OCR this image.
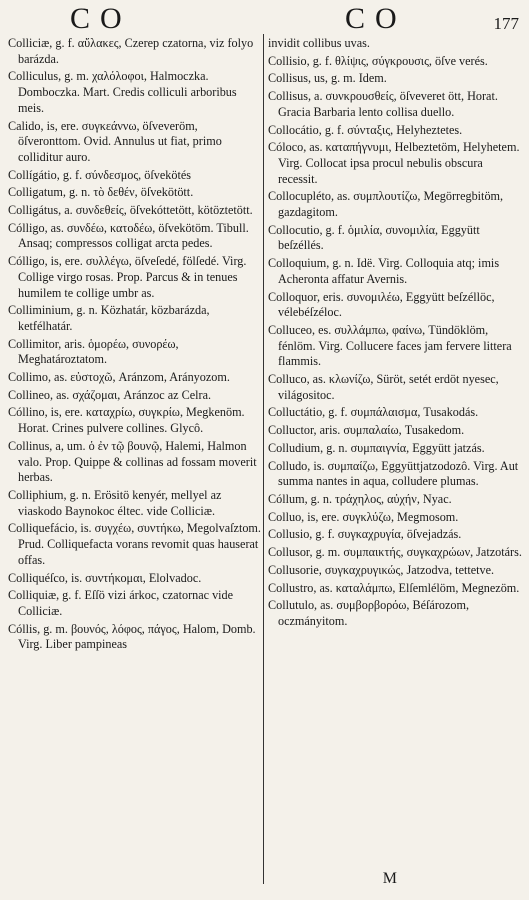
CO	CO	177
Colliciæ, g. f. αὔλακες, Czerep czatorna, viz folyo barázda.
Colliculus, g. m. χαλόλοφοι, Halmoczka. Domboczka. Mart. Credis colliculi arboribus meis.
Calido, is, ere. συγκεάννω, öſveveröm, öſveronttom. Ovid. Annulus ut fiat, primo colliditur auro.
Collígátio, g. f. σύνδεσμος, öſvekötés
Colligatum, g. n. τὸ δεθέν, öſvekötött.
Colligátus, a. συνδεθείς, öſvekóttetött, kötöztetött.
Cólligo, as. συνδέω, κατοδέω, öſvekötöm. Tibull. Ansaq; compressos colligat arcta pedes.
Cólligo, is, ere. συλλέγω, öſveſedé, fölſedé. Virg. Collige virgo rosas. Prop. Parcus & in tenues humilem te collige umbr as.
Colliminium, g. n. Közhatár, közbarázda, ketfélhatár.
Collimitor, aris. ὁμορέω, συνορέω, Meghatároztatom.
Collimo, as. εὐστοχῶ, Aránzom, Arányozom.
Collineo, as. σχάζομαι, Aránzoc az Celra.
Cóllino, is, ere. καταχρίω, συγκρίω, Megkenöm. Horat. Crines pulvere collines. Glycô.
Collinus, a, um. ὁ ἐν τῷ βουνῷ, Halemi, Halmon valo. Prop. Quippe & collinas ad fossam moverit herbas.
Colliphium, g. n. Erösitö kenyér, mellyel az viaskodo Baynokoc éltec. vide Colliciæ.
Colliquefácio, is. συγχέω, συντήκω, Megolvaſztom. Prud. Colliquefacta vorans revomit quas hauserat offas.
Colliquéſco, is. συντήκομαι, Elolvadoc.
Colliquiæ, g. f. Eſſö vizi árkoc, czatornac vide Colliciæ.
Cóllis, g. m. βουνός, λόφος, πάγος, Halom, Domb. Virg. Liber pampineas
invidit collibus uvas.
Collisio, g. f. θλίψις, σύγκρουσις, öſve verés.
Collisus, us, g. m. Idem.
Collisus, a. συνκρουσθείς, öſveveret ött, Horat. Gracia Barbaria lento collisa duello.
Collocátio, g. f. σύνταξις, Helyheztetes.
Cóloco, as. καταπήγνυμι, Helbeztetöm, Helyhetem. Virg. Collocat ipsa procul nebulis obscura recessit.
Collocupléto, as. συμπλουτίζω, Megörregbitöm, gazdagitom.
Collocutio, g. f. ὁμιλία, συνομιλία, Eggyütt beſzéllés.
Colloquium, g. n. Idë. Virg. Colloquia atq; imis Acheronta affatur Avernis.
Colloquor, eris. συνομιλέω, Eggyütt beſzéllöc, vélebéſzéloc.
Colluceo, es. συλλάμπω, φαίνω, Tündöklöm, fénlöm. Virg. Collucere faces jam fervere littera flammis.
Colluco, as. κλωνίζω, Süröt, setét erdöt nyesec, világositoc.
Colluctátio, g. f. συμπάλαισμα, Tusakodás.
Colluctor, aris. συμπαλαίω, Tusakedom.
Colludium, g. n. συμπαιγνία, Eggyütt jatzás.
Colludo, is. συμπαίζω, Eggyüttjatzodozô. Virg. Aut summa nantes in aqua, colludere plumas.
Cóllum, g. n. τράχηλος, αὐχήν, Nyac.
Colluo, is, ere. συγκλύζω, Megmosom.
Collusio, g. f. συγκαχρυγία, öſvejadzás.
Collusor, g. m. συμπαικτής, συγκαχρώων, Jatzotárs.
Collusorie, συγκαχρυγικώς, Jatzodva, tettetve.
Collustro, as. καταλάμπω, Elſemlélöm, Megnezöm.
Collutulo, as. συμβορβορόω, Béſározom, oczmányitom.
M
